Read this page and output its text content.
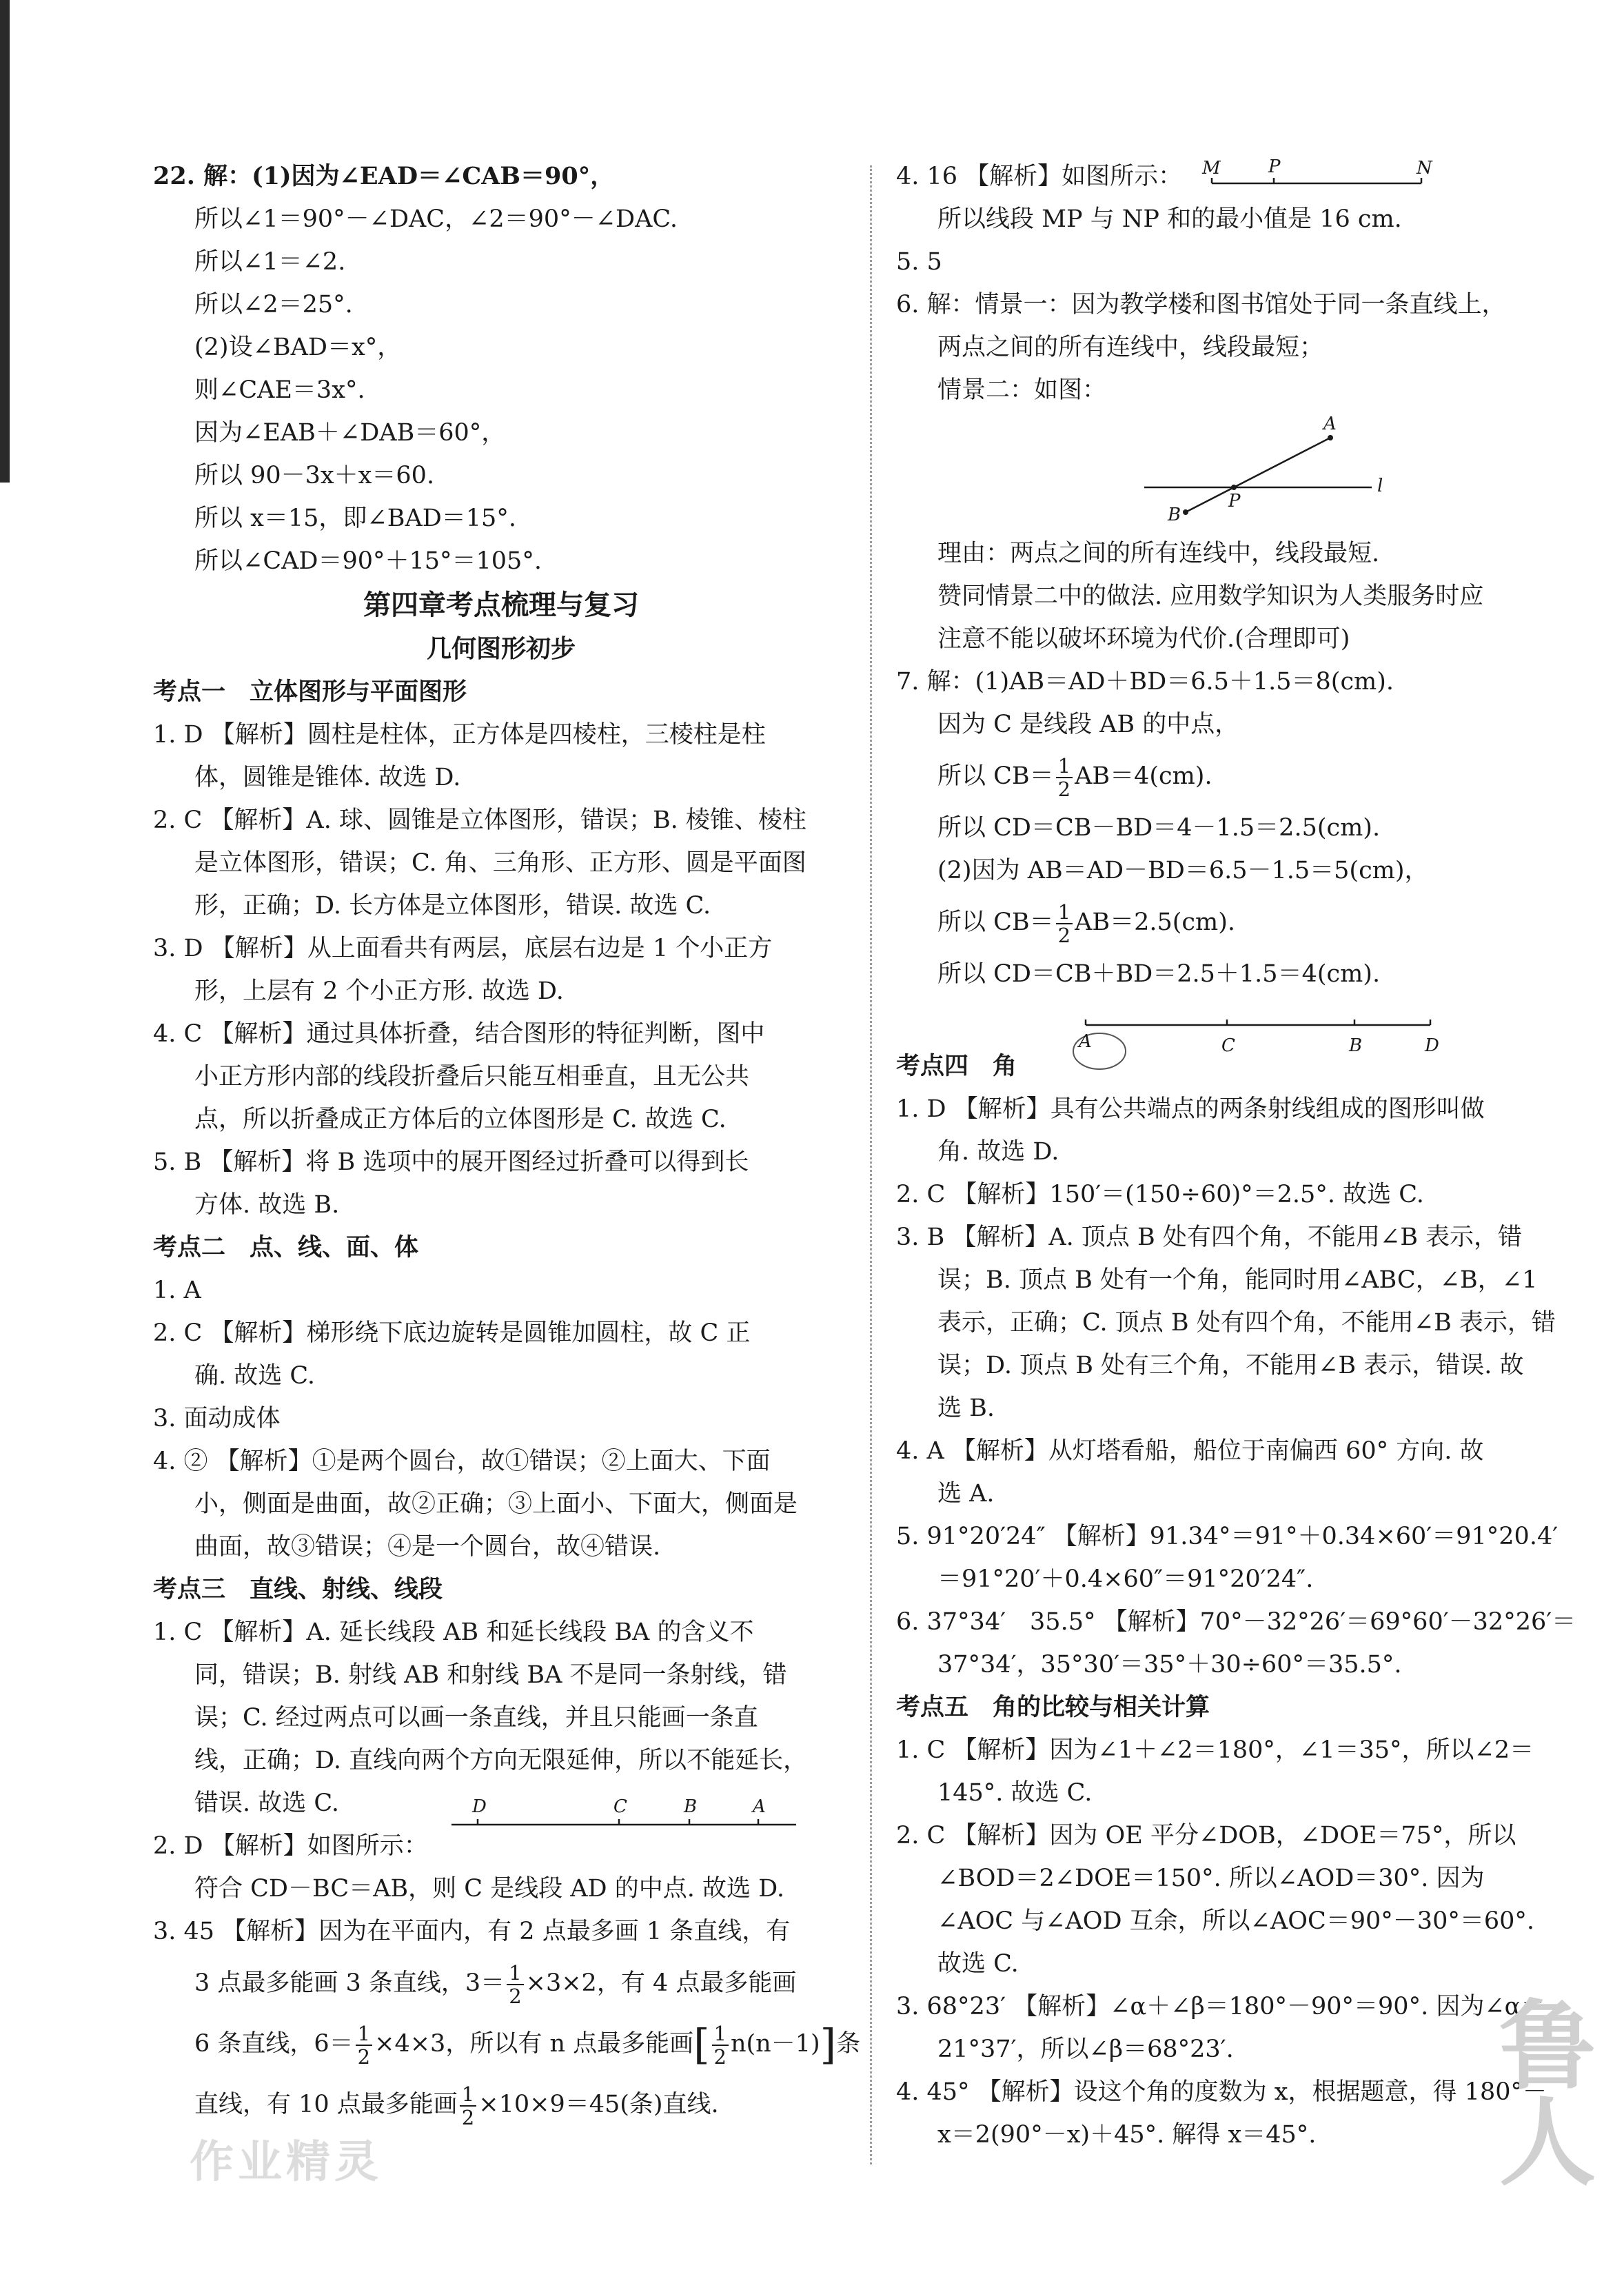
22. 解：(1)因为∠EAD＝∠CAB＝90°，
所以∠1＝90°－∠DAC，∠2＝90°－∠DAC.
所以∠1＝∠2.
所以∠2＝25°.
(2)设∠BAD＝x°，
则∠CAE＝3x°.
因为∠EAB＋∠DAB＝60°，
所以 90－3x＋x＝60.
所以 x＝15，即∠BAD＝15°.
所以∠CAD＝90°＋15°＝105°.
第四章考点梳理与复习
几何图形初步
考点一　立体图形与平面图形
1. D 【解析】圆柱是柱体，正方体是四棱柱，三棱柱是柱
体，圆锥是锥体. 故选 D.
2. C 【解析】A. 球、圆锥是立体图形，错误；B. 棱锥、棱柱
是立体图形，错误；C. 角、三角形、正方形、圆是平面图
形，正确；D. 长方体是立体图形，错误. 故选 C.
3. D 【解析】从上面看共有两层，底层右边是 1 个小正方
形，上层有 2 个小正方形. 故选 D.
4. C 【解析】通过具体折叠，结合图形的特征判断，图中
小正方形内部的线段折叠后只能互相垂直，且无公共
点，所以折叠成正方体后的立体图形是 C. 故选 C.
5. B 【解析】将 B 选项中的展开图经过折叠可以得到长
方体. 故选 B.
考点二　点、线、面、体
1. A
2. C 【解析】梯形绕下底边旋转是圆锥加圆柱，故 C 正
确. 故选 C.
3. 面动成体
4. ② 【解析】①是两个圆台，故①错误；②上面大、下面
小，侧面是曲面，故②正确；③上面小、下面大，侧面是
曲面，故③错误；④是一个圆台，故④错误.
考点三　直线、射线、线段
1. C 【解析】A. 延长线段 AB 和延长线段 BA 的含义不
同，错误；B. 射线 AB 和射线 BA 不是同一条射线，错
误；C. 经过两点可以画一条直线，并且只能画一条直
线，正确；D. 直线向两个方向无限延伸，所以不能延长，
错误. 故选 C.
2. D 【解析】如图所示：
符合 CD－BC＝AB，则 C 是线段 AD 的中点. 故选 D.
3. 45 【解析】因为在平面内，有 2 点最多画 1 条直线，有
3 点最多能画 3 条直线，$3= \frac{1}{2} \times 3\times 2$，有 4 点最多能画
6 条直线，$6= \frac{1}{2} \times 4\times 3$，所以有 n 点最多能画[ $\frac{1}{2} n(n-1)$]条
直线，有 10 点最多能画 $\frac{1}{2} \times 10\times 9=45$(条)直线.
D	C	B	A
4. 16 【解析】如图所示：
所以线段 MP 与 NP 和的最小值是 16 cm.
5. 5
6. 解：情景一：因为教学楼和图书馆处于同一条直线上，
两点之间的所有连线中，线段最短；
情景二：如图：
理由：两点之间的所有连线中，线段最短.
赞同情景二中的做法. 应用数学知识为人类服务时应
注意不能以破坏环境为代价.(合理即可)
7. 解：(1)AB＝AD＋BD＝6.5＋1.5＝8(cm).
因为 C 是线段 AB 的中点，
所以 $CB= \frac{1}{2} AB=4(cm)$.
所以 CD＝CB－BD＝4－1.5＝2.5(cm).
(2)因为 AB＝AD－BD＝6.5－1.5＝5(cm)，
所以 $CB= \frac{1}{2} AB=2.5(cm)$.
所以 CD＝CB＋BD＝2.5＋1.5＝4(cm).
考点四　角
1. D 【解析】具有公共端点的两条射线组成的图形叫做
角. 故选 D.
2. C 【解析】150′＝(150÷60)°＝2.5°. 故选 C.
3. B 【解析】A. 顶点 B 处有四个角，不能用∠B 表示，错
误；B. 顶点 B 处有一个角，能同时用∠ABC，∠B，∠1
表示，正确；C. 顶点 B 处有四个角，不能用∠B 表示，错
误；D. 顶点 B 处有三个角，不能用∠B 表示，错误. 故
选 B.
4. A 【解析】从灯塔看船，船位于南偏西 60° 方向. 故
选 A.
5. 91°20′24″ 【解析】91.34°＝91°＋0.34×60′＝91°20.4′
＝91°20′＋0.4×60″＝91°20′24″.
6. 37°34′　35.5° 【解析】70°－32°26′＝69°60′－32°26′＝
37°34′，35°30′＝35°＋30÷60°＝35.5°.
考点五　角的比较与相关计算
1. C 【解析】因为∠1＋∠2＝180°，∠1＝35°，所以∠2＝
145°. 故选 C.
2. C 【解析】因为 OE 平分∠DOB，∠DOE＝75°，所以
∠BOD＝2∠DOE＝150°. 所以∠AOD＝30°. 因为
∠AOC 与∠AOD 互余，所以∠AOC＝90°－30°＝60°.
故选 C.
3. 68°23′ 【解析】∠α＋∠β＝180°－90°＝90°. 因为∠α＝
21°37′，所以∠β＝68°23′.
4. 45° 【解析】设这个角的度数为 x，根据题意，得 180°－
x＝2(90°－x)＋45°. 解得 x＝45°.
M	P	N
A
l
B
P
A	C	B	D
作业精灵
鲁人
